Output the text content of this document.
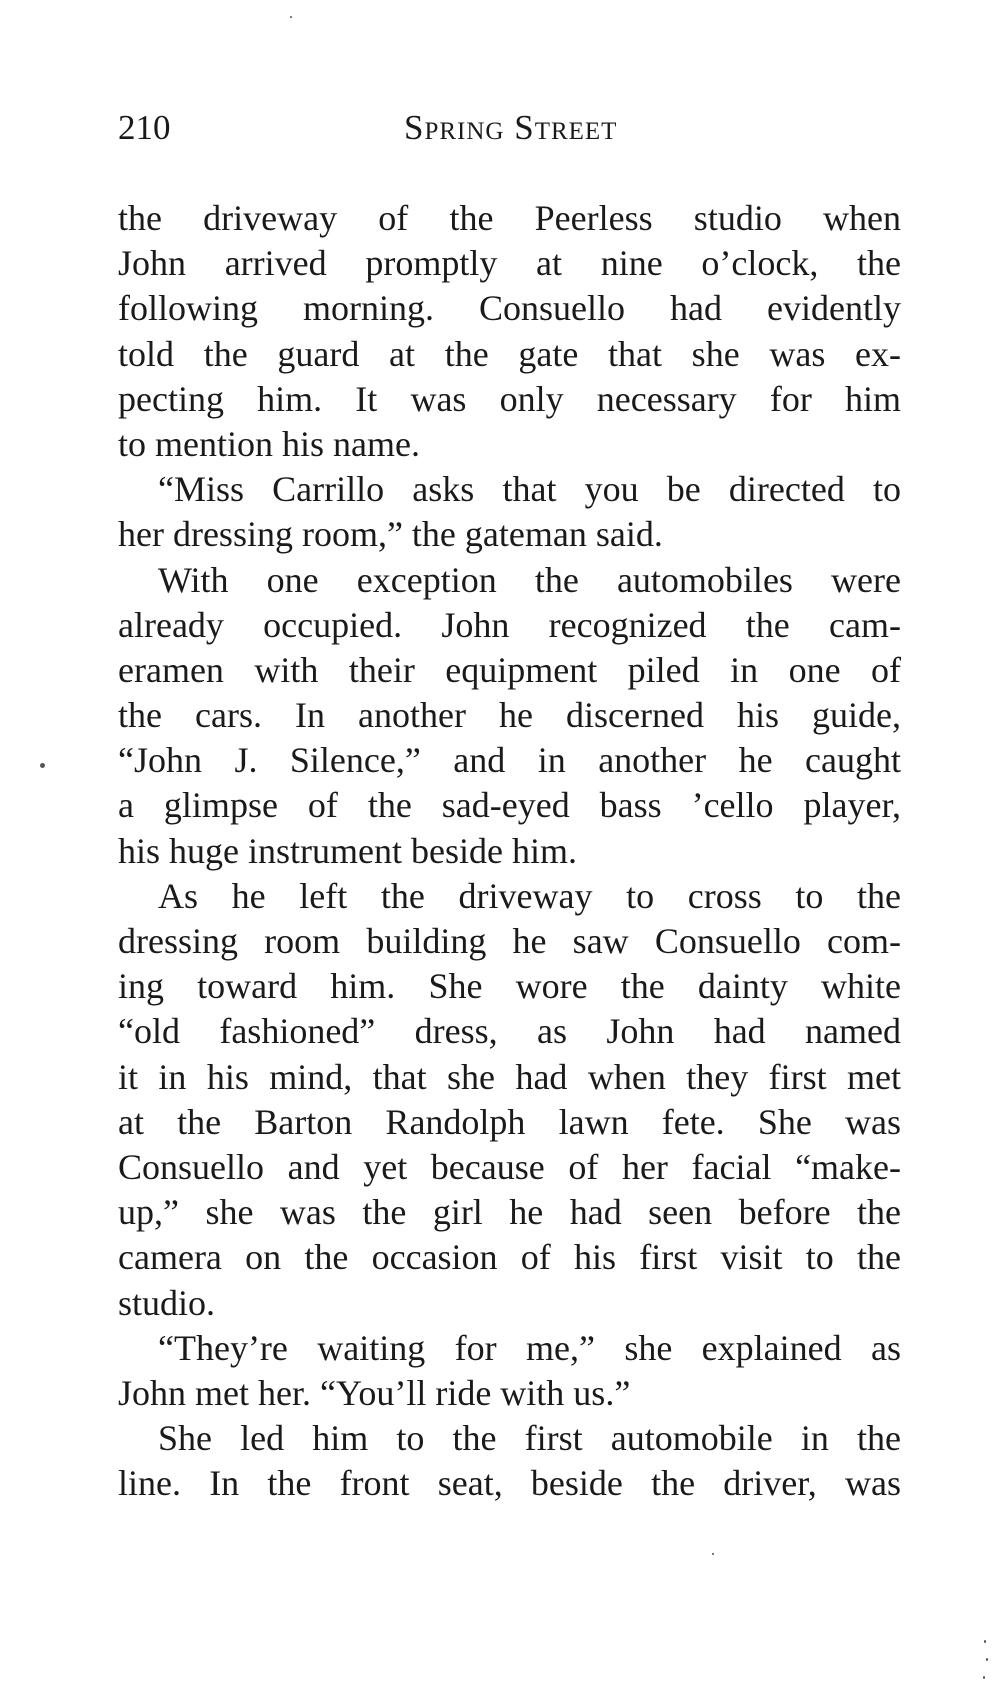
210	Spring Street
the driveway of the Peerless studio when
John arrived promptly at nine o’clock, the
following morning. Consuello had evidently
told the guard at the gate that she was ex-
pecting him. It was only necessary for him
to mention his name.
“Miss Carrillo asks that you be directed to
her dressing room,” the gateman said.
With one exception the automobiles were
already occupied. John recognized the cam-
eramen with their equipment piled in one of
the cars. In another he discerned his guide,
“John J. Silence,” and in another he caught
a glimpse of the sad-eyed bass ’cello player,
his huge instrument beside him.
As he left the driveway to cross to the
dressing room building he saw Consuello com-
ing toward him. She wore the dainty white
“old fashioned” dress, as John had named
it in his mind, that she had when they first met
at the Barton Randolph lawn fete. She was
Consuello and yet because of her facial “make-
up,” she was the girl he had seen before the
camera on the occasion of his first visit to the
studio.
“They’re waiting for me,” she explained as
John met her. “You’ll ride with us.”
She led him to the first automobile in the
line. In the front seat, beside the driver, was
